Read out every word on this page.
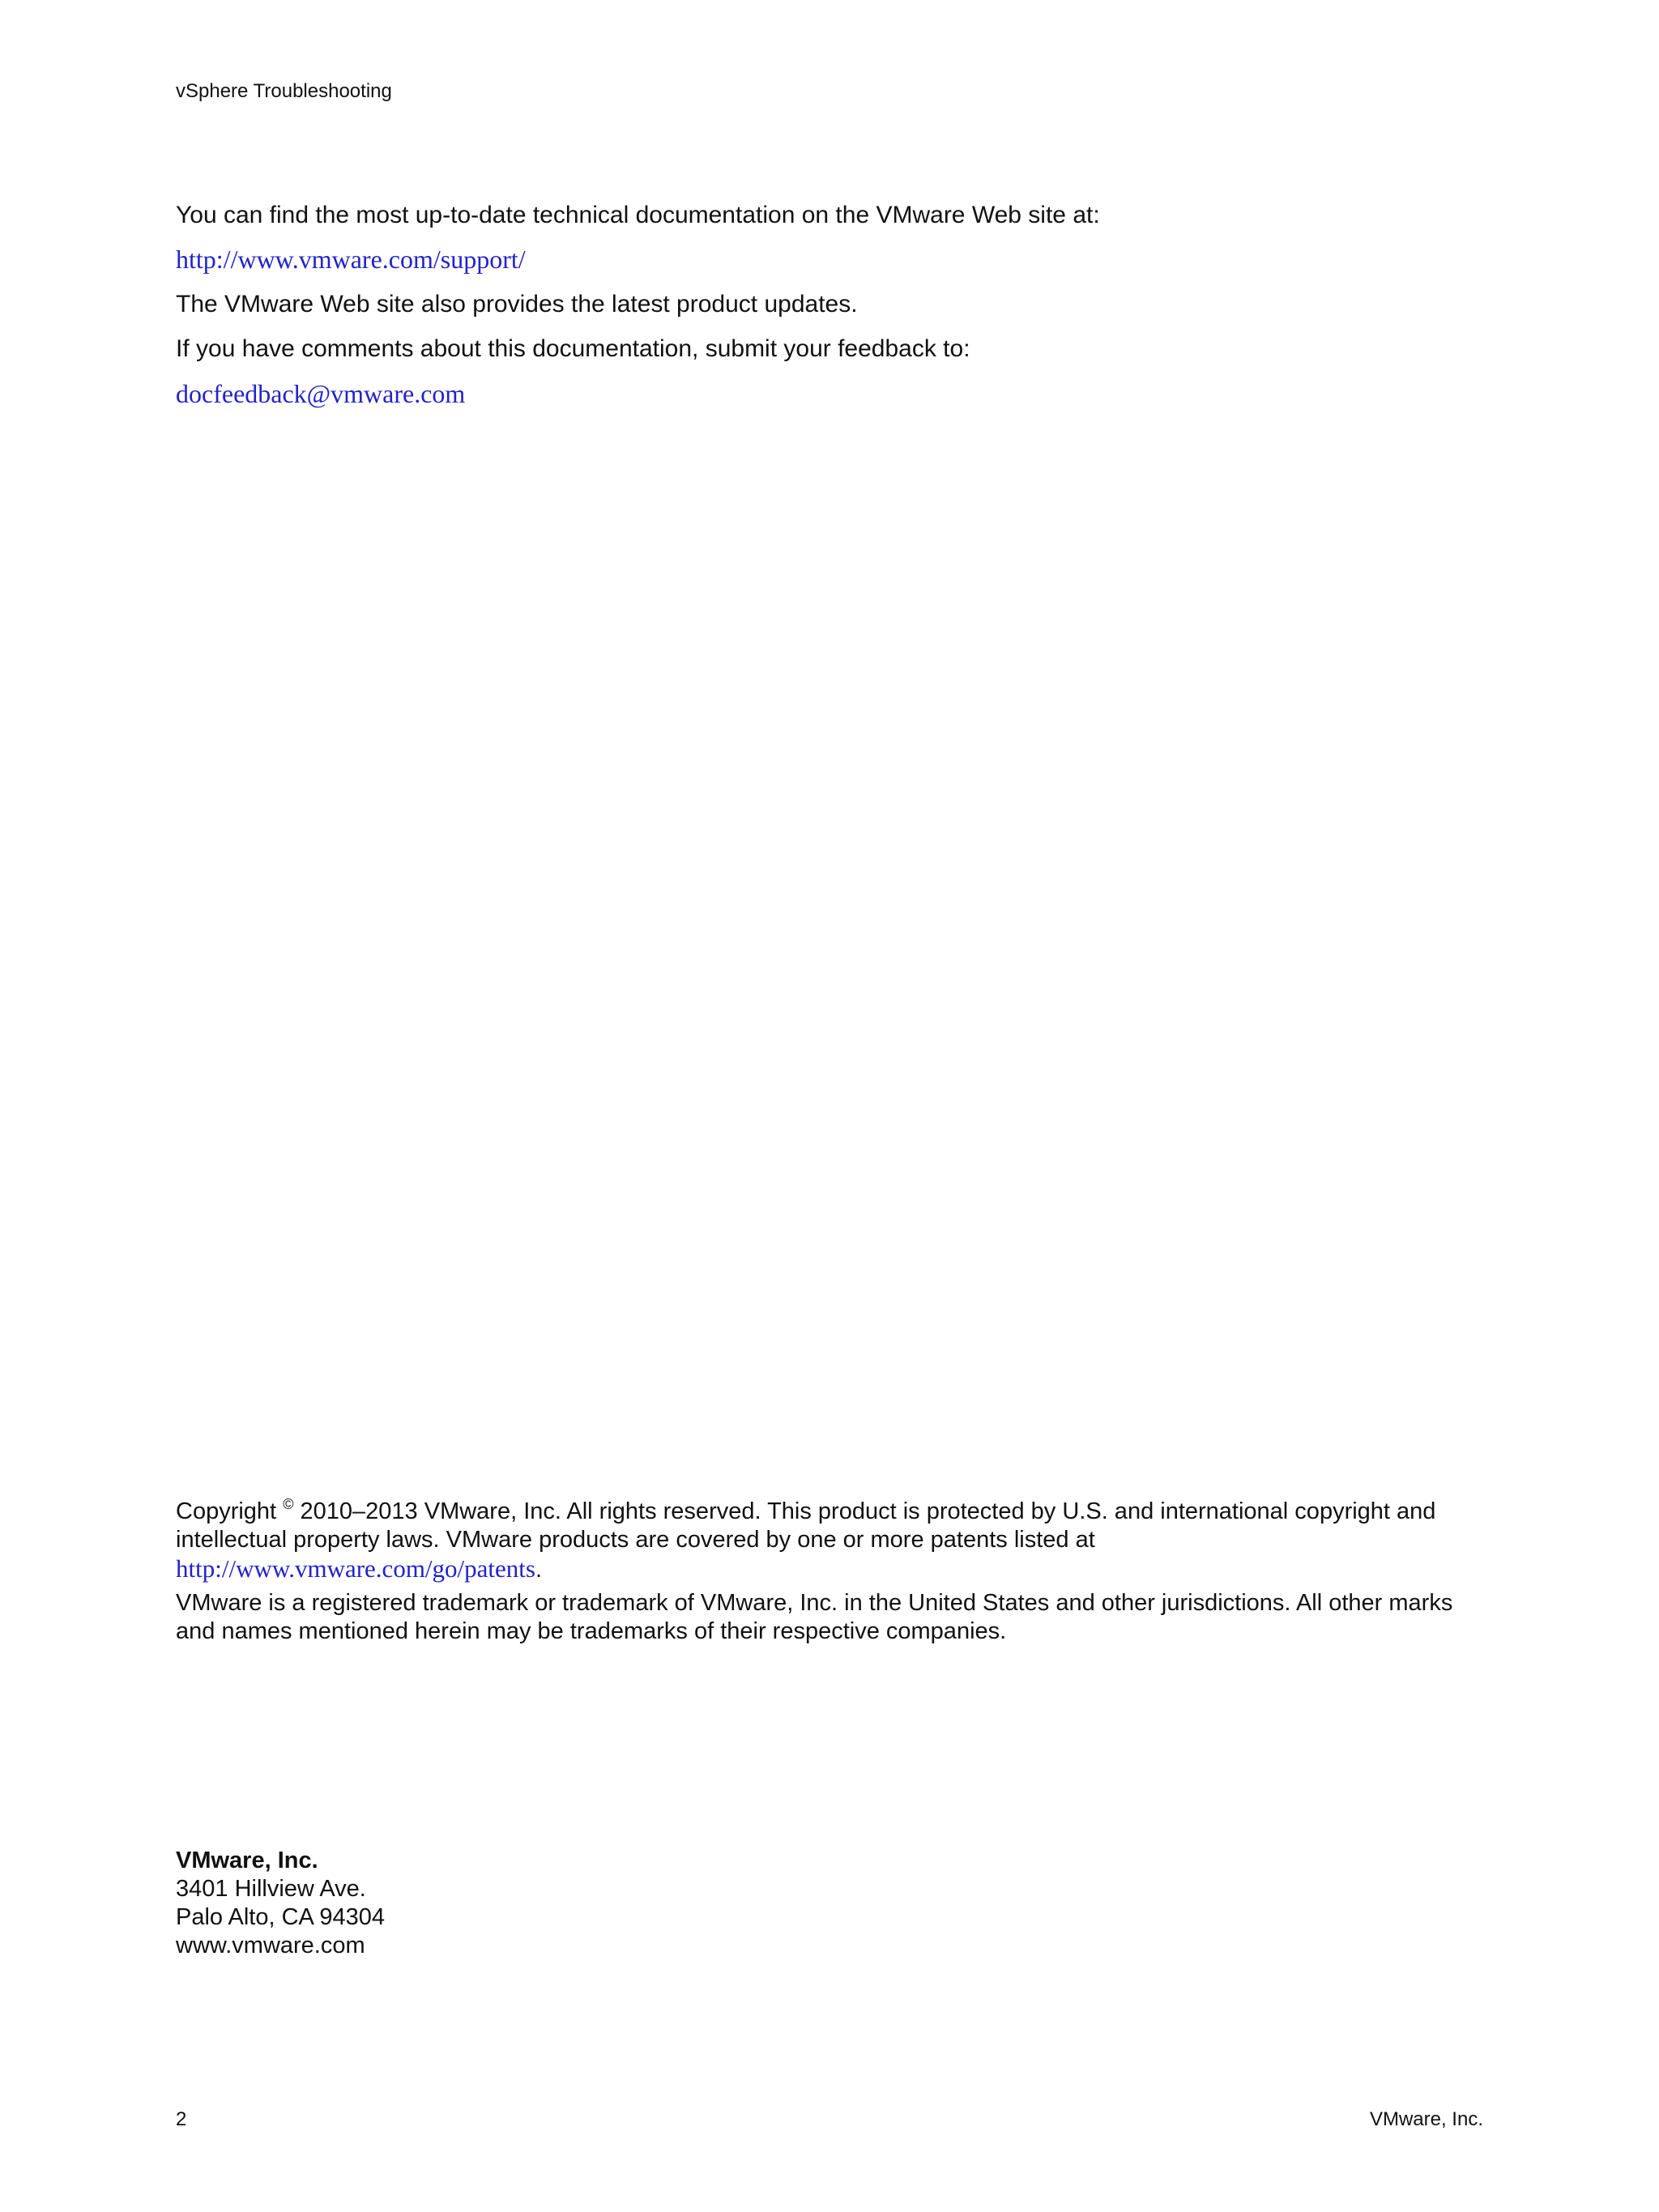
vSphere Troubleshooting
You can find the most up-to-date technical documentation on the VMware Web site at:
http://www.vmware.com/support/
The VMware Web site also provides the latest product updates.
If you have comments about this documentation, submit your feedback to:
docfeedback@vmware.com
Copyright © 2010–2013 VMware, Inc. All rights reserved. This product is protected by U.S. and international copyright and intellectual property laws. VMware products are covered by one or more patents listed at
http://www.vmware.com/go/patents.
VMware is a registered trademark or trademark of VMware, Inc. in the United States and other jurisdictions. All other marks and names mentioned herein may be trademarks of their respective companies.
VMware, Inc.
3401 Hillview Ave.
Palo Alto, CA 94304
www.vmware.com
2	VMware, Inc.
